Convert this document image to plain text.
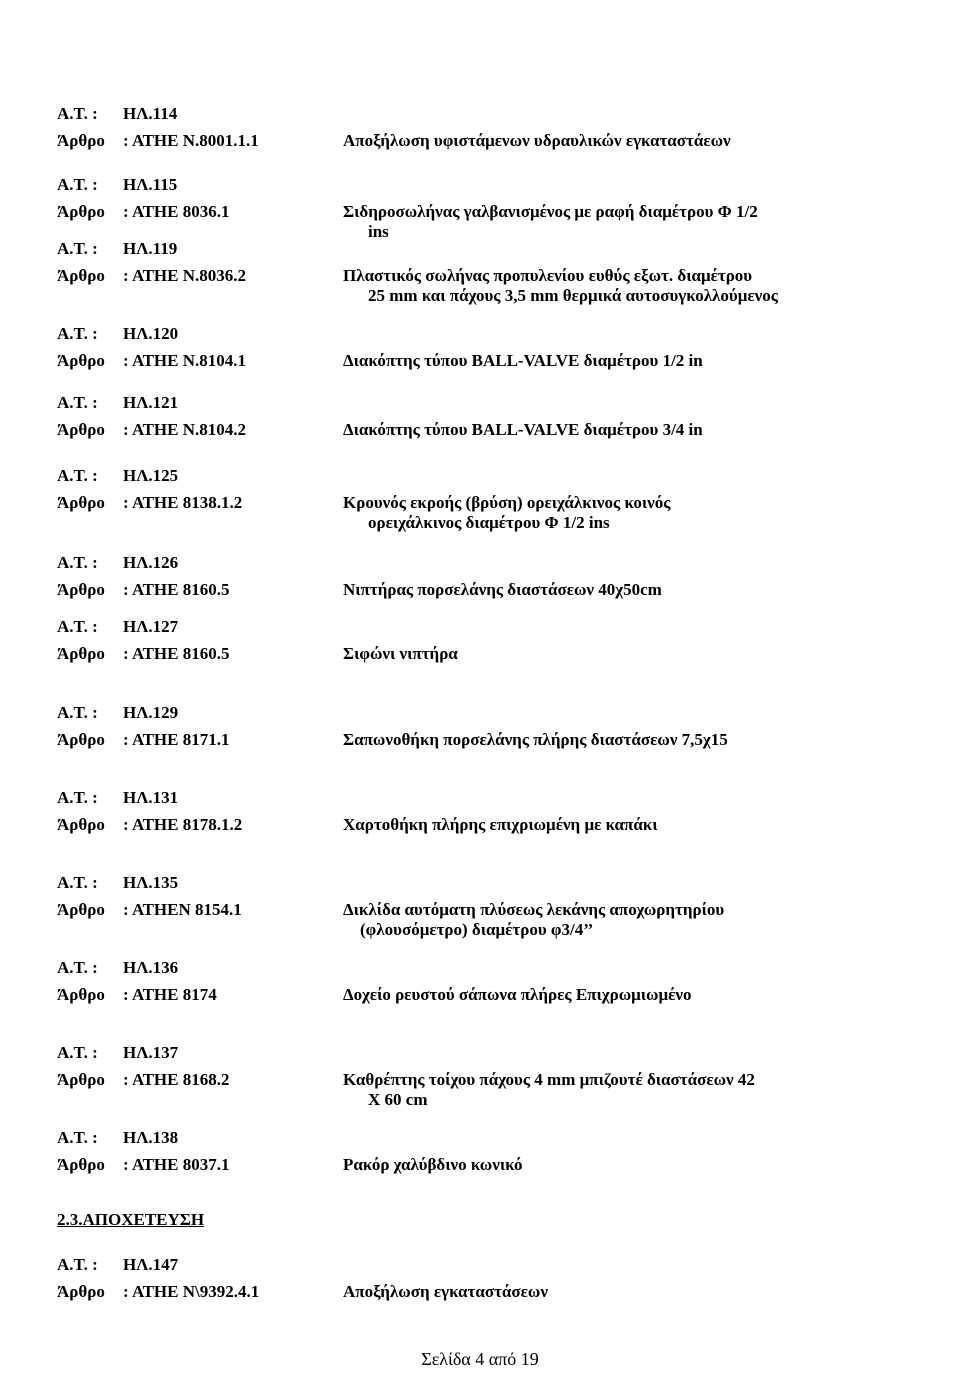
Α.Τ. : ΗΛ.114
Άρθρο : ΑΤΗΕ Ν.8001.1.1	Αποξήλωση υφιστάμενων υδραυλικών εγκαταστάεων
Α.Τ. : ΗΛ.115
Άρθρο : ΑΤΗΕ 8036.1	Σιδηροσωλήνας γαλβανισμένος με ραφή διαμέτρου Φ 1/2
ins
Α.Τ. : ΗΛ.119
Άρθρο : ΑΤΗΕ Ν.8036.2	Πλαστικός σωλήνας προπυλενίου ευθύς εξωτ. διαμέτρου
25 mm και πάχους 3,5 mm θερμικά αυτοσυγκολλούμενος
Α.Τ. : ΗΛ.120
Άρθρο : ΑΤΗΕ Ν.8104.1	Διακόπτης τύπου BALL-VALVE διαμέτρου 1/2 in
Α.Τ. : ΗΛ.121
Άρθρο : ΑΤΗΕ Ν.8104.2	Διακόπτης τύπου BALL-VALVE διαμέτρου 3/4 in
Α.Τ. : ΗΛ.125
Άρθρο : ΑΤΗΕ 8138.1.2	Κρουνός εκροής (βρύση) ορειχάλκινος κοινός
ορειχάλκινος διαμέτρου Φ 1/2 ins
Α.Τ. : ΗΛ.126
Άρθρο : ΑΤΗΕ 8160.5	Νιπτήρας πορσελάνης διαστάσεων 40χ50cm
Α.Τ. : ΗΛ.127
Άρθρο : ΑΤΗΕ 8160.5	Σιφώνι νιπτήρα
Α.Τ. : ΗΛ.129
Άρθρο : ΑΤΗΕ 8171.1	Σαπωνοθήκη πορσελάνης πλήρης διαστάσεων 7,5χ15
Α.Τ. : ΗΛ.131
Άρθρο : ΑΤΗΕ 8178.1.2	Χαρτοθήκη πλήρης επιχριωμένη με καπάκι
Α.Τ. : ΗΛ.135
Άρθρο : ΑΤΗΕΝ 8154.1	Δικλίδα αυτόματη πλύσεως λεκάνης αποχωρητηρίου
(φλουσόμετρο) διαμέτρου φ3/4’’
Α.Τ. : ΗΛ.136
Άρθρο : ΑΤΗΕ 8174	Δοχείο ρευστού σάπωνα πλήρες Επιχρωμιωμένο
Α.Τ. : ΗΛ.137
Άρθρο : ΑΤΗΕ 8168.2	Καθρέπτης τοίχου πάχους 4 mm μπιζουτέ διαστάσεων 42
Χ 60 cm
Α.Τ. : ΗΛ.138
Άρθρο : ΑΤΗΕ 8037.1	Ρακόρ χαλύβδινο κωνικό
Α.Τ. : ΗΛ.147
Άρθρο : ΑΤΗΕ Ν\9392.4.1	Αποξήλωση εγκαταστάσεων
2.3.ΑΠΟΧΕΤΕΥΣΗ
Σελίδα 4 από 19
